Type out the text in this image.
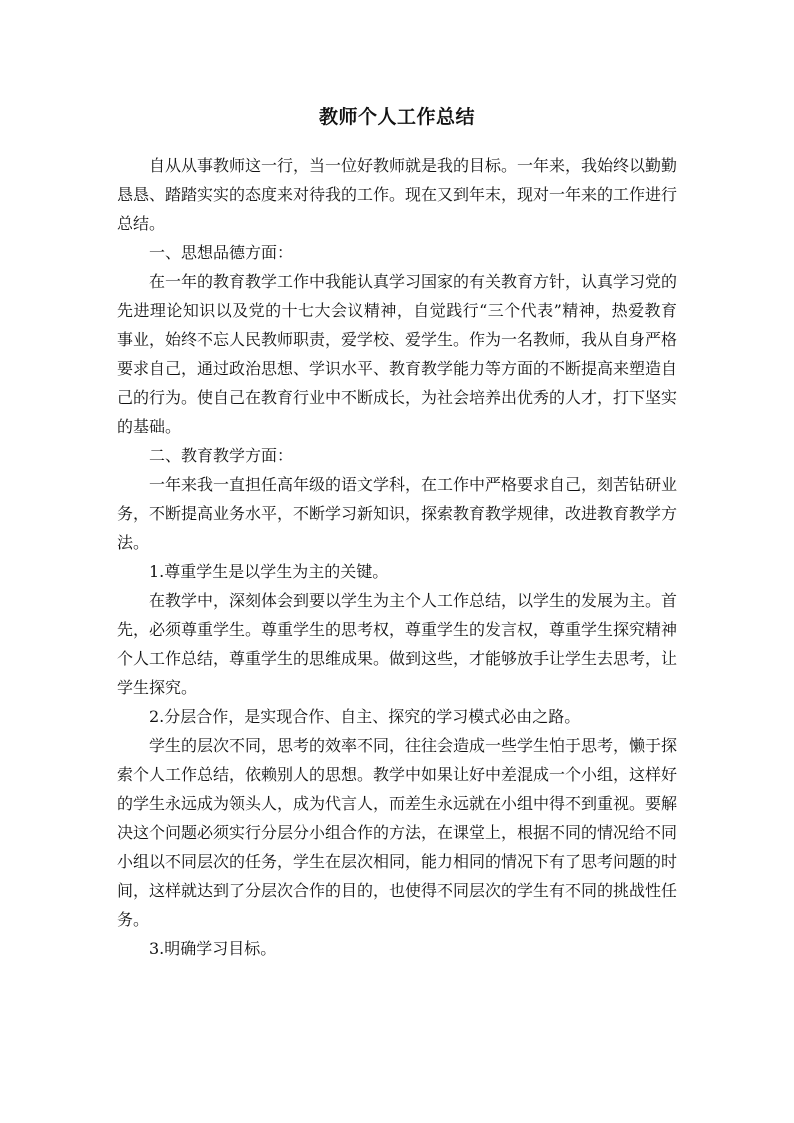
教师个人工作总结

自从从事教师这一行，当一位好教师就是我的目标。一年来，我始终以勤勤恳恳、踏踏实实的态度来对待我的工作。现在又到年末，现对一年来的工作进行总结。

一、思想品德方面：

在一年的教育教学工作中我能认真学习国家的有关教育方针，认真学习党的先进理论知识以及党的十七大会议精神，自觉践行“三个代表”精神，热爱教育事业，始终不忘人民教师职责，爱学校、爱学生。作为一名教师，我从自身严格要求自己，通过政治思想、学识水平、教育教学能力等方面的不断提高来塑造自己的行为。使自己在教育行业中不断成长，为社会培养出优秀的人才，打下坚实的基础。

二、教育教学方面：

一年来我一直担任高年级的语文学科，在工作中严格要求自己，刻苦钻研业务，不断提高业务水平，不断学习新知识，探索教育教学规律，改进教育教学方法。

1.尊重学生是以学生为主的关键。

在教学中，深刻体会到要以学生为主个人工作总结，以学生的发展为主。首先，必须尊重学生。尊重学生的思考权，尊重学生的发言权，尊重学生探究精神个人工作总结，尊重学生的思维成果。做到这些，才能够放手让学生去思考，让学生探究。

2.分层合作，是实现合作、自主、探究的学习模式必由之路。

学生的层次不同，思考的效率不同，往往会造成一些学生怕于思考，懒于探索个人工作总结，依赖别人的思想。教学中如果让好中差混成一个小组，这样好的学生永远成为领头人，成为代言人，而差生永远就在小组中得不到重视。要解决这个问题必须实行分层分小组合作的方法，在课堂上，根据不同的情况给不同小组以不同层次的任务，学生在层次相同，能力相同的情况下有了思考问题的时间，这样就达到了分层次合作的目的，也使得不同层次的学生有不同的挑战性任务。

3.明确学习目标。
